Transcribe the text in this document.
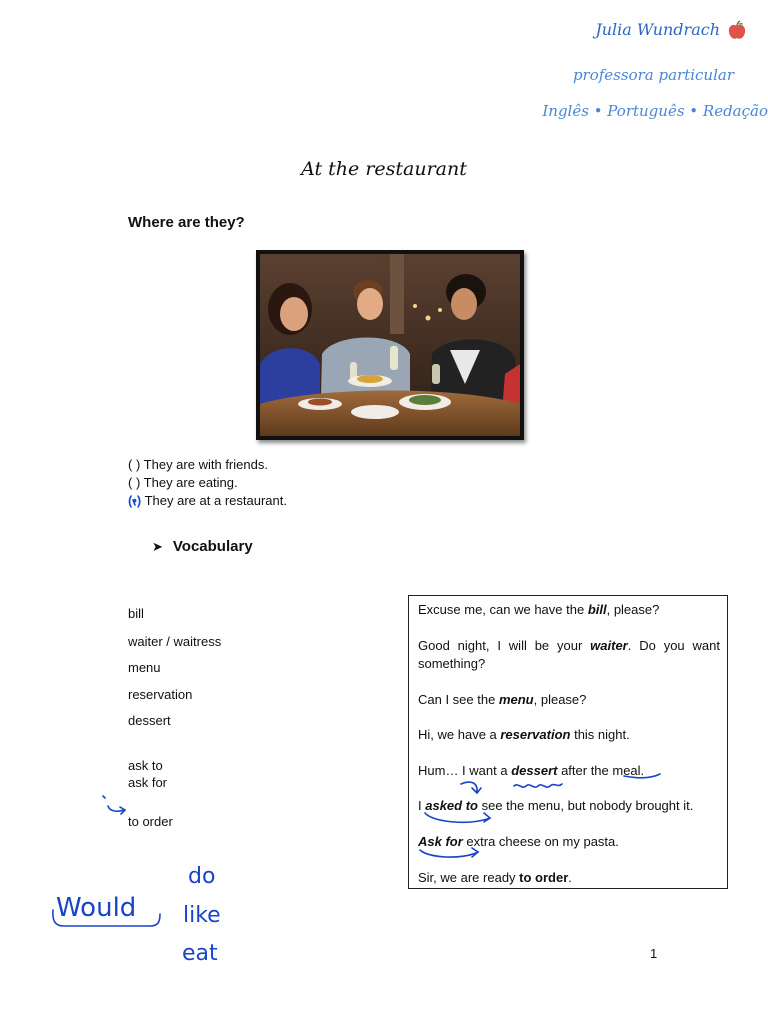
Julia Wundrach
professora particular
Inglês • Português • Redação
At the restaurant
Where are they?
( ) They are with friends.
( ) They are eating.
(•) They are at a restaurant.
➤ Vocabulary
bill
waiter / waitress
menu
reservation
dessert
ask to
ask for
to order
Excuse me, can we have the bill, please?
Good night, I will be your waiter. Do you want something?
Can I see the menu, please?
Hi, we have a reservation this night.
Hum… I want a dessert after the meal.
I asked to see the menu, but nobody brought it.
Ask for extra cheese on my pasta.
Sir, we are ready to order.
1
Would
do
like
eat
